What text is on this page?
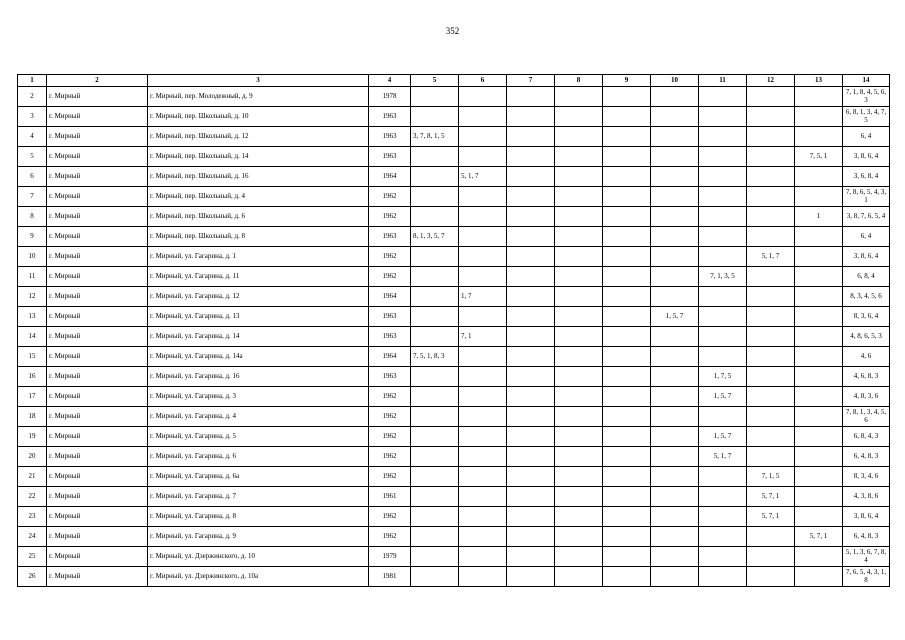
352
1	2	3	4	5	6	7	8	9	10	11	12	13	14
2	г. Мирный	г. Мирный, пер. Молодежный, д. 9	1978										7, 1, 8, 4, 5, 6, 3
3	г. Мирный	г. Мирный, пер. Школьный, д. 10	1963										6, 8, 1, 3, 4, 7, 5
4	г. Мирный	г. Мирный, пер. Школьный, д. 12	1963	3, 7, 8, 1, 5									6, 4
5	г. Мирный	г. Мирный, пер. Школьный, д. 14	1963									7, 5, 1	3, 8, 6, 4
6	г. Мирный	г. Мирный, пер. Школьный, д. 16	1964		5, 1, 7								3, 6, 8, 4
7	г. Мирный	г. Мирный, пер. Школьный, д. 4	1962										7, 8, 6, 5, 4, 3, 1
8	г. Мирный	г. Мирный, пер. Школьный, д. 6	1962									1	3, 8, 7, 6, 5, 4
9	г. Мирный	г. Мирный, пер. Школьный, д. 8	1963	8, 1, 3, 5, 7									6, 4
10	г. Мирный	г. Мирный, ул. Гагарина, д. 1	1962								5, 1, 7		3, 8, 6, 4
11	г. Мирный	г. Мирный, ул. Гагарина, д. 11	1962							7, 1, 3, 5			6, 8, 4
12	г. Мирный	г. Мирный, ул. Гагарина, д. 12	1964		1, 7								8, 3, 4, 5, 6
13	г. Мирный	г. Мирный, ул. Гагарина, д. 13	1963						1, 5, 7				8, 3, 6, 4
14	г. Мирный	г. Мирный, ул. Гагарина, д. 14	1963		7, 1								4, 8, 6, 5, 3
15	г. Мирный	г. Мирный, ул. Гагарина, д. 14а	1964	7, 5, 1, 8, 3									4, 6
16	г. Мирный	г. Мирный, ул. Гагарина, д. 16	1963							1, 7, 5			4, 6, 8, 3
17	г. Мирный	г. Мирный, ул. Гагарина, д. 3	1962							1, 5, 7			4, 8, 3, 6
18	г. Мирный	г. Мирный, ул. Гагарина, д. 4	1962										7, 8, 1, 3, 4, 5, 6
19	г. Мирный	г. Мирный, ул. Гагарина, д. 5	1962							1, 5, 7			6, 8, 4, 3
20	г. Мирный	г. Мирный, ул. Гагарина, д. 6	1962							5, 1, 7			6, 4, 8, 3
21	г. Мирный	г. Мирный, ул. Гагарина, д. 6а	1962								7, 1, 5		8, 3, 4, 6
22	г. Мирный	г. Мирный, ул. Гагарина, д. 7	1961								5, 7, 1		4, 3, 8, 6
23	г. Мирный	г. Мирный, ул. Гагарина, д. 8	1962								5, 7, 1		3, 8, 6, 4
24	г. Мирный	г. Мирный, ул. Гагарина, д. 9	1962									5, 7, 1	6, 4, 8, 3
25	г. Мирный	г. Мирный, ул. Дзержинского, д. 10	1979										5, 1, 3, 6, 7, 8, 4
26	г. Мирный	г. Мирный, ул. Дзержинского, д. 10а	1981										7, 6, 5, 4, 3, 1, 8
